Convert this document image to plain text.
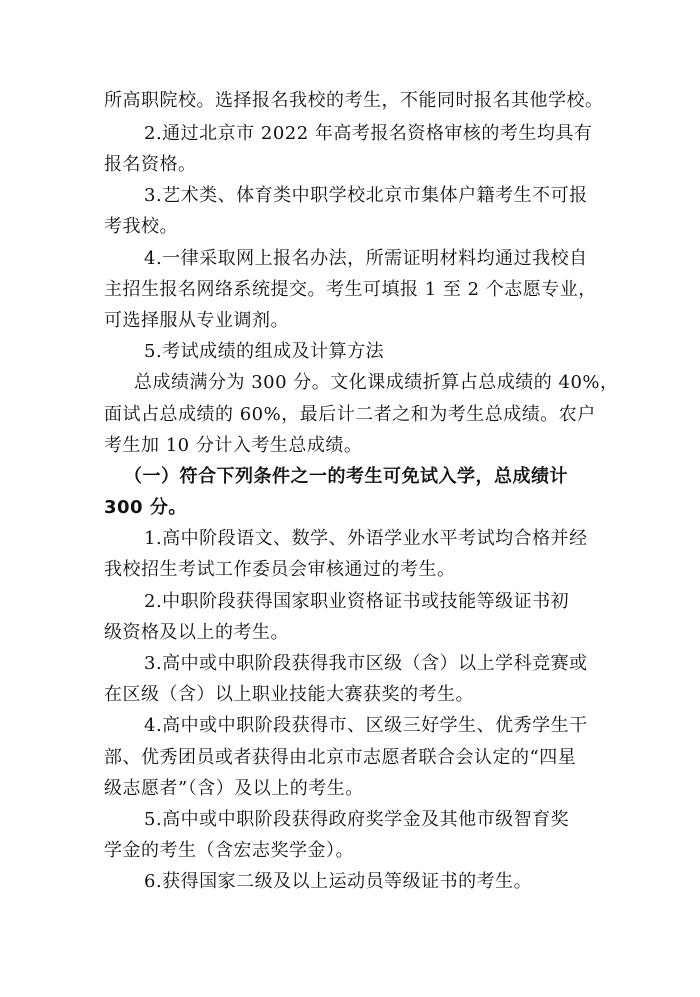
所高职院校。选择报名我校的考生，不能同时报名其他学校。
2.通过北京市 2022 年高考报名资格审核的考生均具有
报名资格。
3.艺术类、体育类中职学校北京市集体户籍考生不可报
考我校。
4.一律采取网上报名办法，所需证明材料均通过我校自
主招生报名网络系统提交。考生可填报 1 至 2 个志愿专业，
可选择服从专业调剂。
5.考试成绩的组成及计算方法
总成绩满分为 300 分。文化课成绩折算占总成绩的 40%，
面试占总成绩的 60%，最后计二者之和为考生总成绩。农户
考生加 10 分计入考生总成绩。
（一）符合下列条件之一的考生可免试入学，总成绩计
300 分。
1.高中阶段语文、数学、外语学业水平考试均合格并经
我校招生考试工作委员会审核通过的考生。
2.中职阶段获得国家职业资格证书或技能等级证书初
级资格及以上的考生。
3.高中或中职阶段获得我市区级（含）以上学科竞赛或
在区级（含）以上职业技能大赛获奖的考生。
4.高中或中职阶段获得市、区级三好学生、优秀学生干
部、优秀团员或者获得由北京市志愿者联合会认定的“四星
级志愿者”（含）及以上的考生。
5.高中或中职阶段获得政府奖学金及其他市级智育奖
学金的考生（含宏志奖学金）。
6.获得国家二级及以上运动员等级证书的考生。
